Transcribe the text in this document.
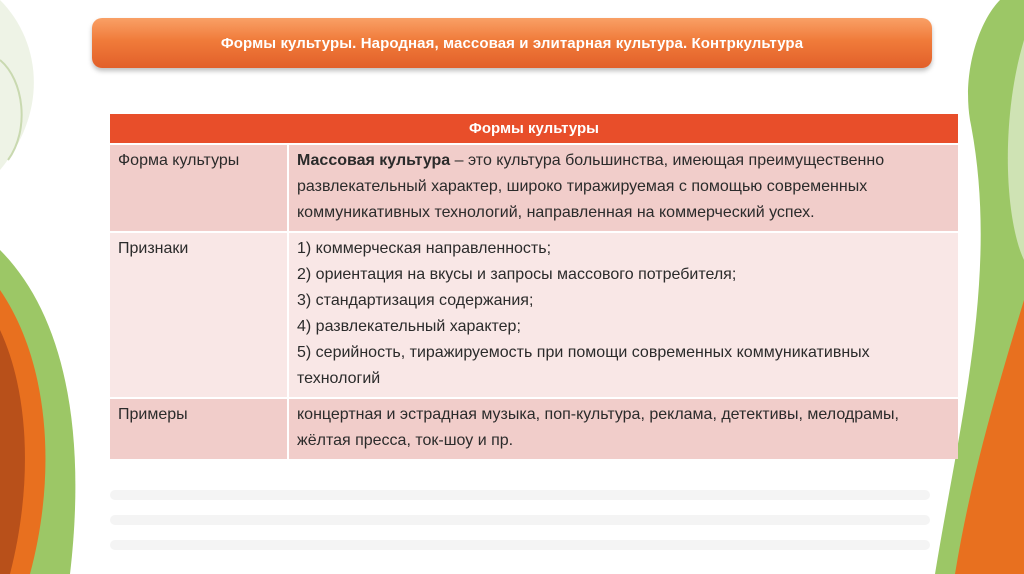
Формы культуры. Народная, массовая и элитарная культура. Контркультура
Формы культуры	
Форма культуры	Массовая культура – это культура большинства, имеющая преимущественно развлекательный характер, широко тиражируемая с помощью современных коммуникативных технологий, направленная на коммерческий успех.
Признаки	1) коммерческая направленность;
2) ориентация на вкусы и запросы массового потребителя;
3) стандартизация содержания;
4) развлекательный характер;
5) серийность, тиражируемость при помощи современных коммуникативных технологий

Примеры	концертная и эстрадная музыка, поп-культура, реклама, детективы, мелодрамы, жёлтая пресса, ток-шоу и пр.
